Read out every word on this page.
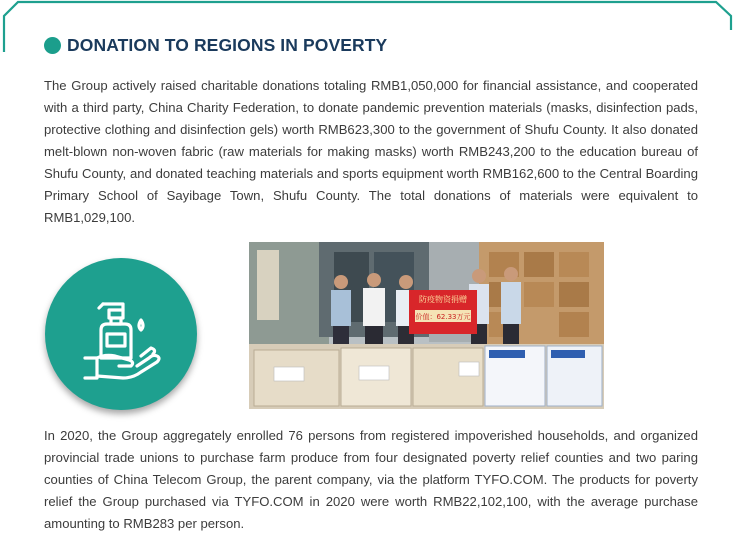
DONATION TO REGIONS IN POVERTY
The Group actively raised charitable donations totaling RMB1,050,000 for financial assistance, and cooperated with a third party, China Charity Federation, to donate pandemic prevention materials (masks, disinfection pads, protective clothing and disinfection gels) worth RMB623,300 to the government of Shufu County. It also donated melt-blown non-woven fabric (raw materials for making masks) worth RMB243,200 to the education bureau of Shufu County, and donated teaching materials and sports equipment worth RMB162,600 to the Central Boarding Primary School of Sayibage Town, Shufu County. The total donations of materials were equivalent to RMB1,029,100.
防疫物资捐赠
价值：62.33万元
In 2020, the Group aggregately enrolled 76 persons from registered impoverished households, and organized provincial trade unions to purchase farm produce from four designated poverty relief counties and two paring counties of China Telecom Group, the parent company, via the platform TYFO.COM. The products for poverty relief the Group purchased via TYFO.COM in 2020 were worth RMB22,102,100, with the average purchase amounting to RMB283 per person.
